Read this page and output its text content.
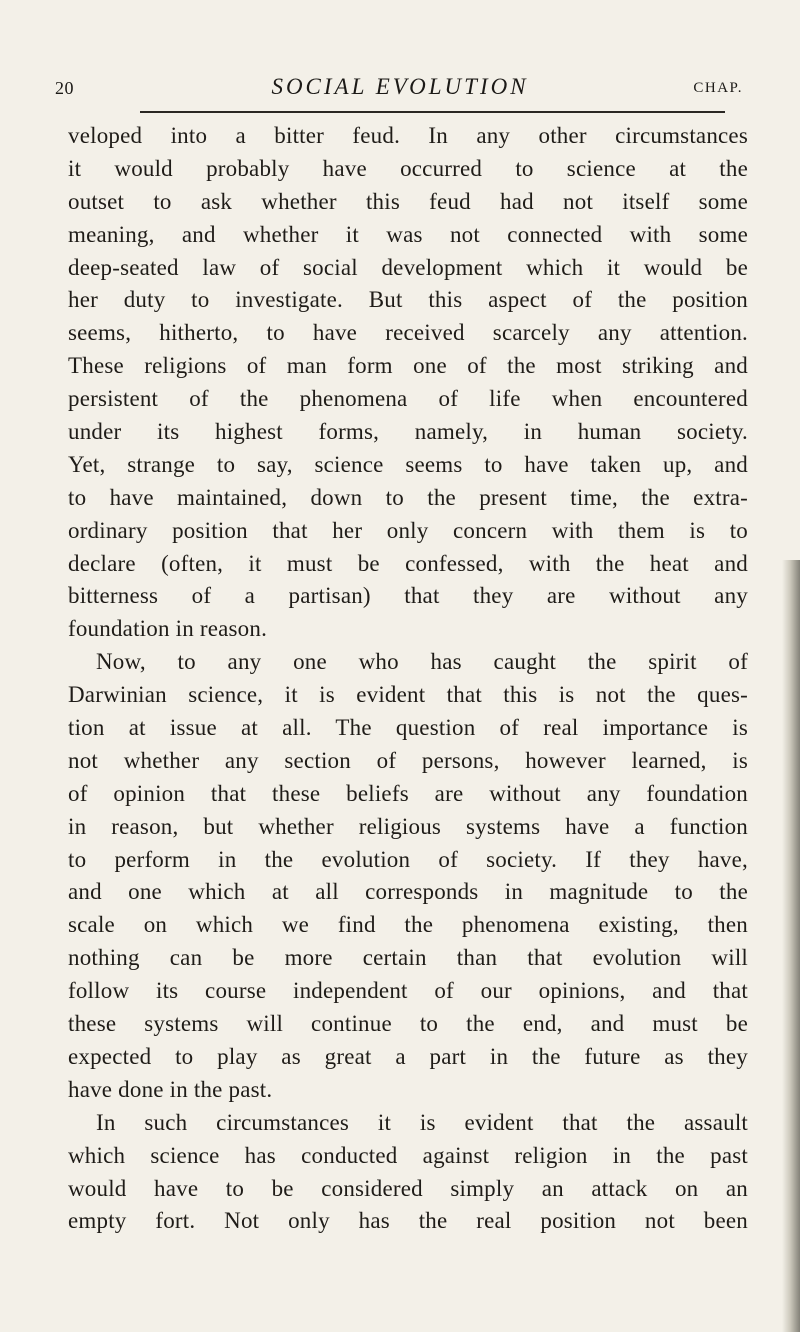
20	SOCIAL EVOLUTION	CHAP.
veloped into a bitter feud. In any other circumstances
it would probably have occurred to science at the
outset to ask whether this feud had not itself some
meaning, and whether it was not connected with some
deep-seated law of social development which it would be
her duty to investigate. But this aspect of the position
seems, hitherto, to have received scarcely any attention.
These religions of man form one of the most striking and
persistent of the phenomena of life when encountered
under its highest forms, namely, in human society.
Yet, strange to say, science seems to have taken up, and
to have maintained, down to the present time, the extra-
ordinary position that her only concern with them is to
declare (often, it must be confessed, with the heat and
bitterness of a partisan) that they are without any
foundation in reason.
Now, to any one who has caught the spirit of
Darwinian science, it is evident that this is not the ques-
tion at issue at all. The question of real importance is
not whether any section of persons, however learned, is
of opinion that these beliefs are without any foundation
in reason, but whether religious systems have a function
to perform in the evolution of society. If they have,
and one which at all corresponds in magnitude to the
scale on which we find the phenomena existing, then
nothing can be more certain than that evolution will
follow its course independent of our opinions, and that
these systems will continue to the end, and must be
expected to play as great a part in the future as they
have done in the past.
In such circumstances it is evident that the assault
which science has conducted against religion in the past
would have to be considered simply an attack on an
empty fort. Not only has the real position not been
